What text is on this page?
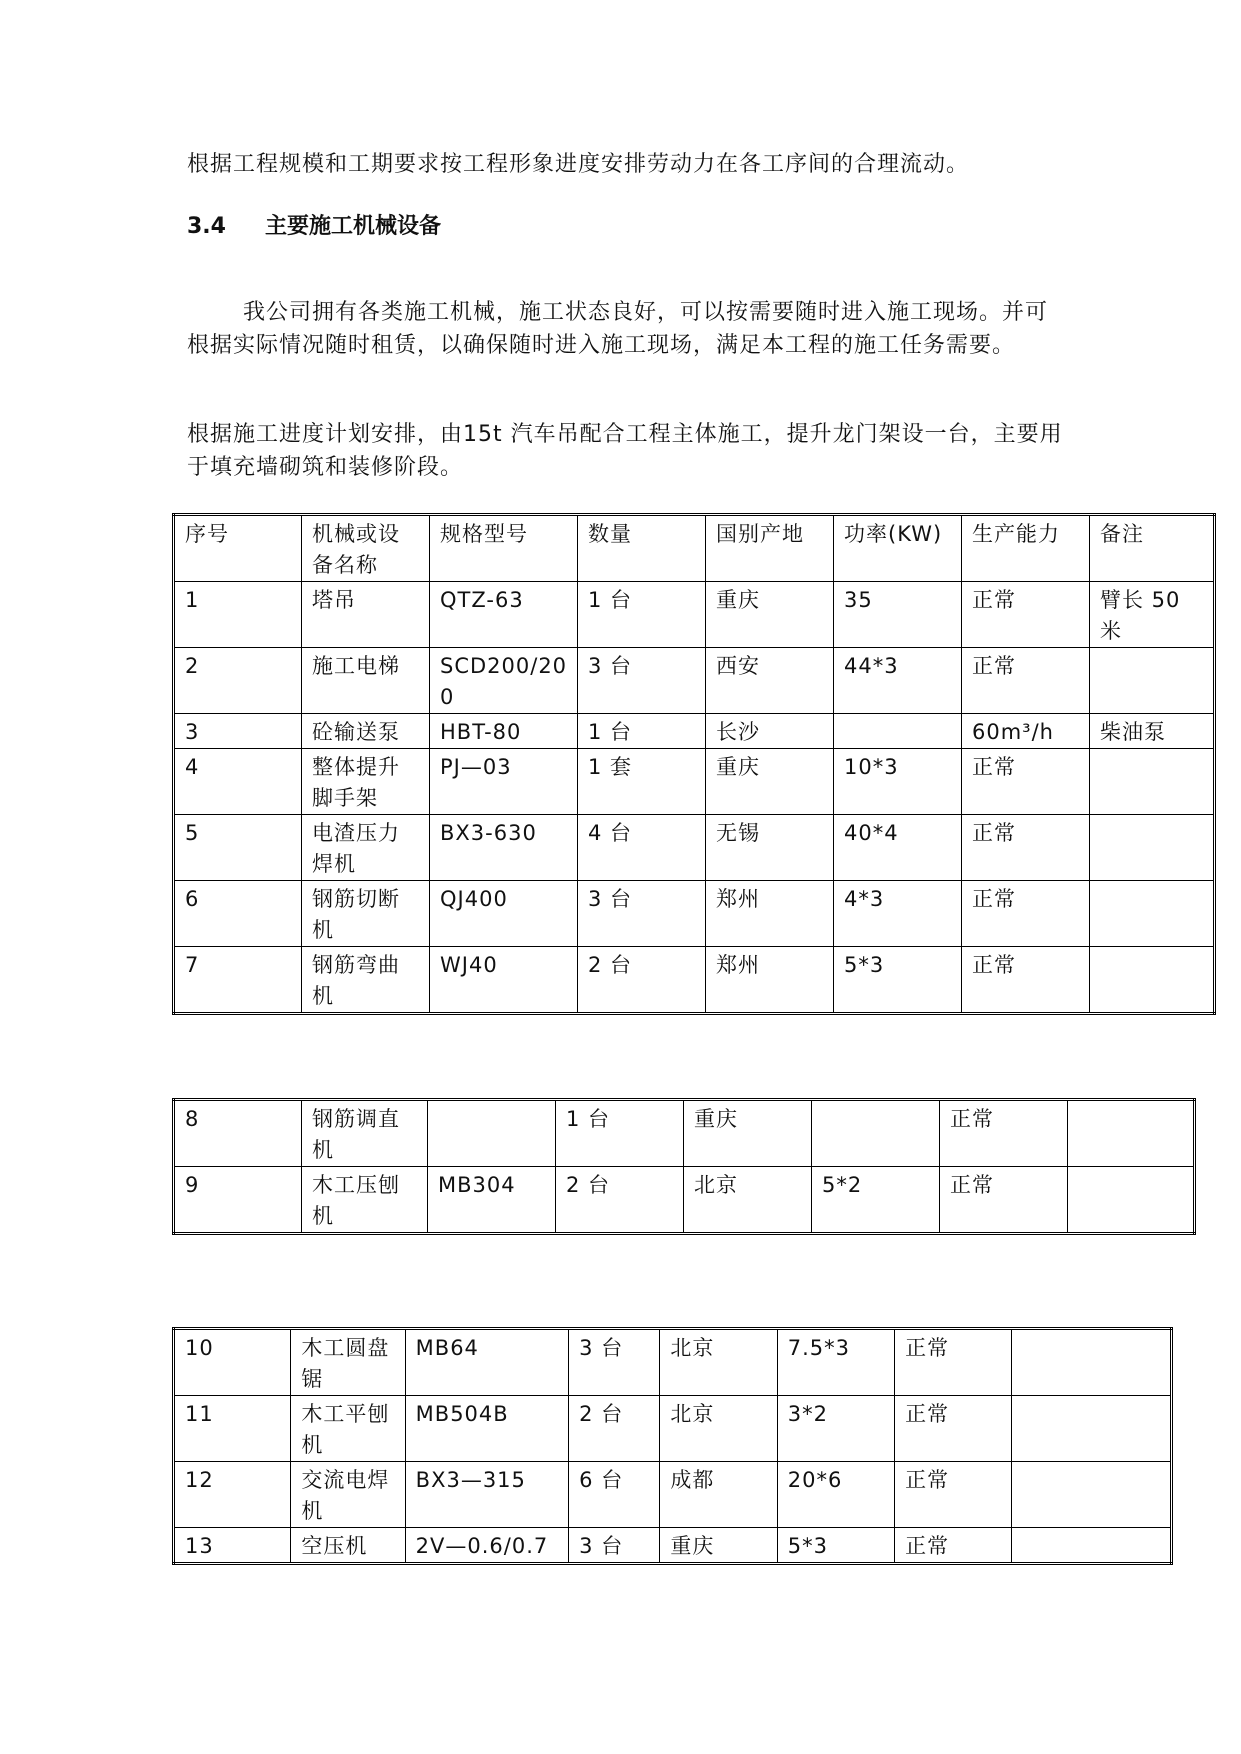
根据工程规模和工期要求按工程形象进度安排劳动力在各工序间的合理流动。

3.4 主要施工机械设备

我公司拥有各类施工机械，施工状态良好，可以按需要随时进入施工现场。并可根据实际情况随时租赁，以确保随时进入施工现场，满足本工程的施工任务需要。

根据施工进度计划安排，由15t 汽车吊配合工程主体施工，提升龙门架设一台，主要用于填充墙砌筑和装修阶段。

序号	机械或设备名称	规格型号	数量	国别产地	功率(KW)	生产能力	备注
1	塔吊	QTZ-63	1 台	重庆	35	正常	臂长 50 米
2	施工电梯	SCD200/200	3 台	西安	44*3	正常	
3	砼输送泵	HBT-80	1 台	长沙		60m³/h	柴油泵
4	整体提升脚手架	PJ—03	1 套	重庆	10*3	正常	
5	电渣压力焊机	BX3-630	4 台	无锡	40*4	正常	
6	钢筋切断机	QJ400	3 台	郑州	4*3	正常	
7	钢筋弯曲机	WJ40	2 台	郑州	5*3	正常	
8	钢筋调直机		1 台	重庆		正常	
9	木工压刨机	MB304	2 台	北京	5*2	正常	
10	木工圆盘锯	MB64	3 台	北京	7.5*3	正常	
11	木工平刨机	MB504B	2 台	北京	3*2	正常	
12	交流电焊机	BX3—315	6 台	成都	20*6	正常	
13	空压机	2V—0.6/0.7	3 台	重庆	5*3	正常	
